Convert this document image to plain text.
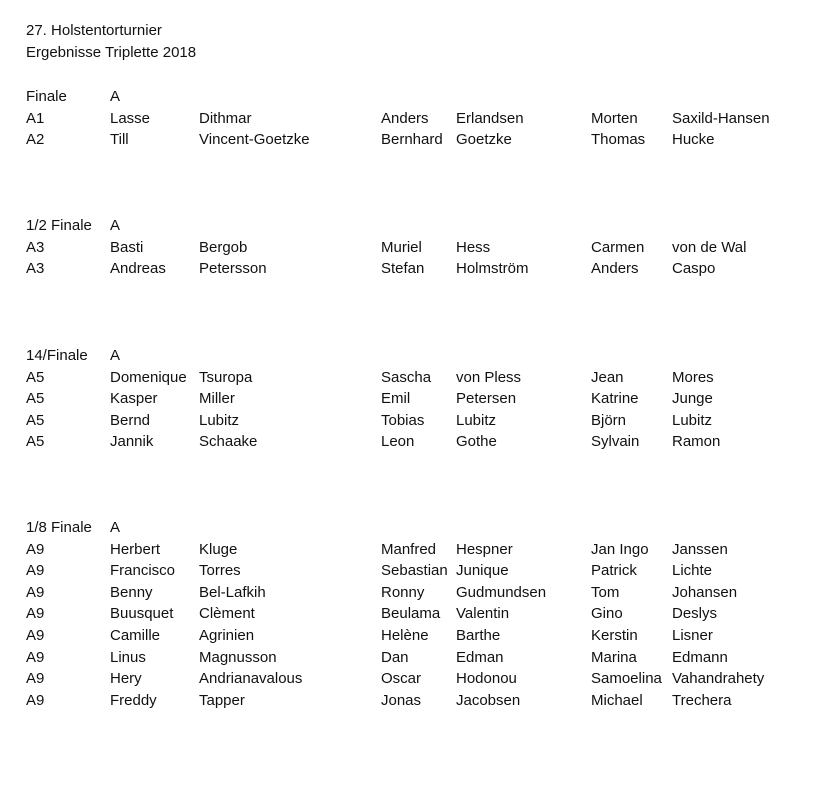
27. Holstentorturnier
Ergebnisse Triplette 2018
Finale	A
A1	Lasse	Dithmar	Anders Erlandsen	Morten Saxild-Hansen
A2	Till	Vincent-Goetzke	Bernhard Goetzke	Thomas Hucke
1/2 Finale A
A3	Basti	Bergob	Muriel Hess	Carmen von de Wal
A3	Andreas Petersson	Stefan Holmström	Anders Caspo
14/Finale A
A5	Domenique Tsuropa	Sascha von Pless	Jean	Mores
A5	Kasper	Miller	Emil	Petersen	Katrine Junge
A5	Bernd	Lubitz	Tobias Lubitz	Björn	Lubitz
A5	Jannik	Schaake	Leon	Gothe	Sylvain Ramon
1/8 Finale A
A9	Herbert	Kluge	Manfred Hespner	Jan Ingo Janssen
A9	Francisco Torres	Sebastian Junique	Patrick Lichte
A9	Benny	Bel-Lafkih	Ronny Gudmundsen	Tom	Johansen
A9	Buusquet Clèment	Beulama Valentin	Gino	Deslys
A9	Camille	Agrinien	Helène Barthe	Kerstin Lisner
A9	Linus	Magnusson	Dan	Edman	Marina Edmann
A9	Hery	Andrianavalous	Oscar Hodonou	Samoelina Vahandrahety
A9	Freddy	Tapper	Jonas Jacobsen	Michael Trechera
